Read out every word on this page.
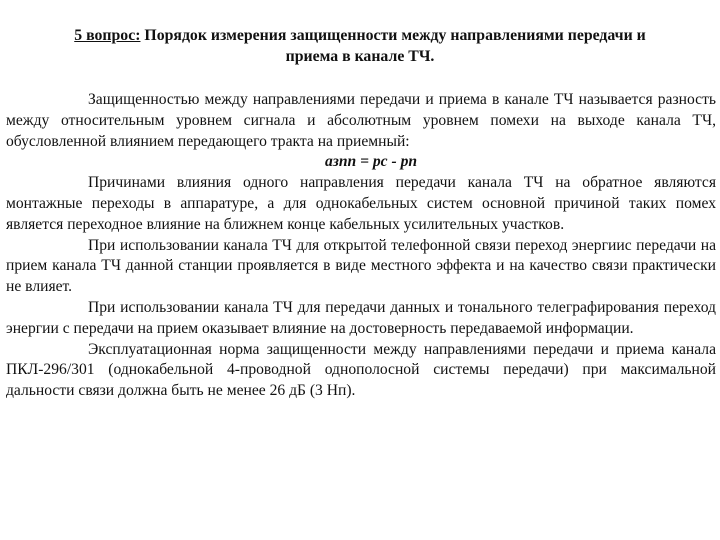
5 вопрос: Порядок измерения защищенности между направлениями передачи и
приема в канале ТЧ.

Защищенностью между направлениями передачи и приема в канале ТЧ называется разность между относительным уровнем сигнала и абсолютным уровнем помехи на выходе канала ТЧ, обусловленной влиянием передающего тракта на приемный:

aзпп = pс - pп

Причинами влияния одного направления передачи канала ТЧ на обратное являются монтажные переходы в аппаратуре, а для однокабельных систем основной причиной таких помех является переходное влияние на ближнем конце кабельных усилительных участков.

При использовании канала ТЧ для открытой телефонной связи переход энергиис передачи на прием канала ТЧ данной станции проявляется в виде местного эффекта и на качество связи практически не влияет.

При использовании канала ТЧ для передачи данных и тонального телеграфирования переход энергии с передачи на прием оказывает влияние на достоверность передаваемой информации.

Эксплуатационная норма защищенности между направлениями передачи и приема канала ПКЛ-296/301 (однокабельной 4-проводной однополосной системы передачи) при максимальной дальности связи должна быть не менее 26 дБ (3 Нп).
